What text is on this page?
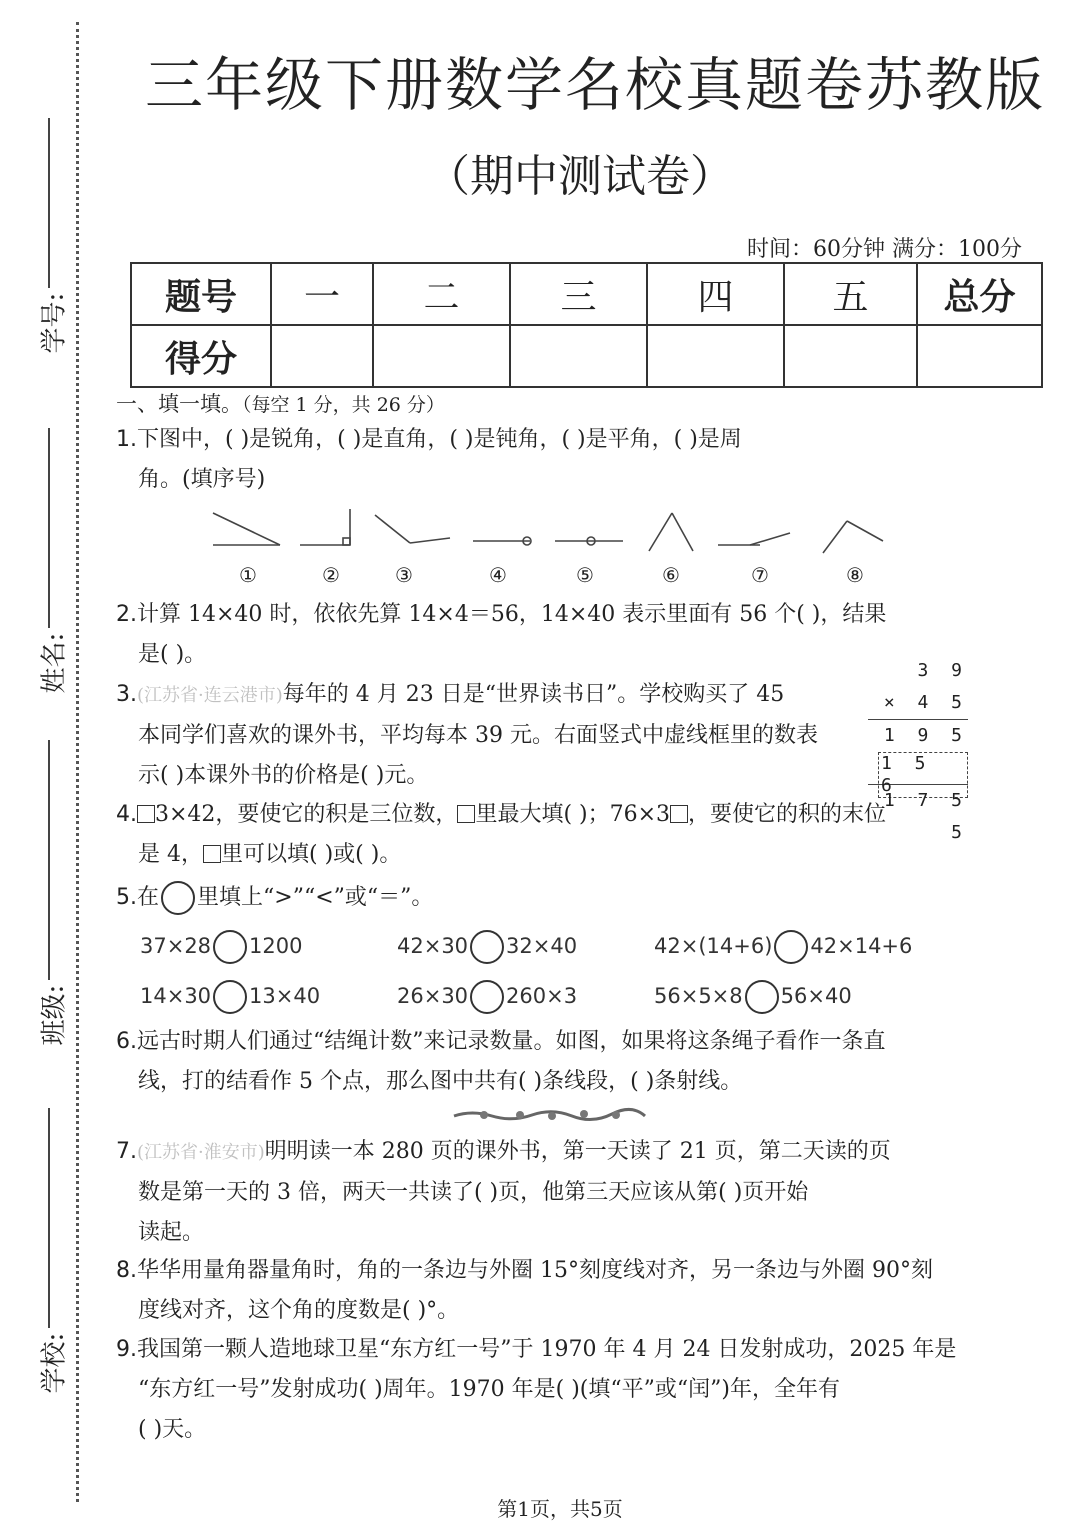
学号:
姓名:
班级:
学校:
三年级下册数学名校真题卷苏教版
（期中测试卷）
时间：60分钟 满分：100分
题号	一	二	三	四	五	总分
得分						
一、填一填。（每空 1 分，共 26 分）
1.下图中，( )是锐角，( )是直角，( )是钝角，( )是平角，( )是周
角。(填序号)
①	②	③	④	⑤	⑥	⑦	⑧
2.计算 14×40 时，依依先算 14×4＝56，14×40 表示里面有 56 个( )，结果
是( )。
3.(江苏省·连云港市)每年的 4 月 23 日是“世界读书日”。学校购买了 45
本同学们喜欢的课外书，平均每本 39 元。右面竖式中虚线框里的数表
示( )本课外书的价格是( )元。
3 9
× 4 5
1 9 5
1 5 6
1 7 5 5
4. 3×42，要使它的积是三位数， 里最大填( )；76×3 ，要使它的积的末位
是 4， 里可以填( )或( )。
5.在 里填上“>”“<”或“＝”。
37×28 1200	42×30 32×40	42×(14+6) 42×14+6
14×30 13×40	26×30 260×3	56×5×8 56×40
6.远古时期人们通过“结绳计数”来记录数量。如图，如果将这条绳子看作一条直
线，打的结看作 5 个点，那么图中共有( )条线段，( )条射线。
7.(江苏省·淮安市)明明读一本 280 页的课外书，第一天读了 21 页，第二天读的页
数是第一天的 3 倍，两天一共读了( )页，他第三天应该从第( )页开始
读起。
8.华华用量角器量角时，角的一条边与外圈 15°刻度线对齐，另一条边与外圈 90°刻
度线对齐，这个角的度数是( )°。
9.我国第一颗人造地球卫星“东方红一号”于 1970 年 4 月 24 日发射成功，2025 年是
“东方红一号”发射成功( )周年。1970 年是( )(填“平”或“闰”)年，全年有
( )天。
第1页，共5页
